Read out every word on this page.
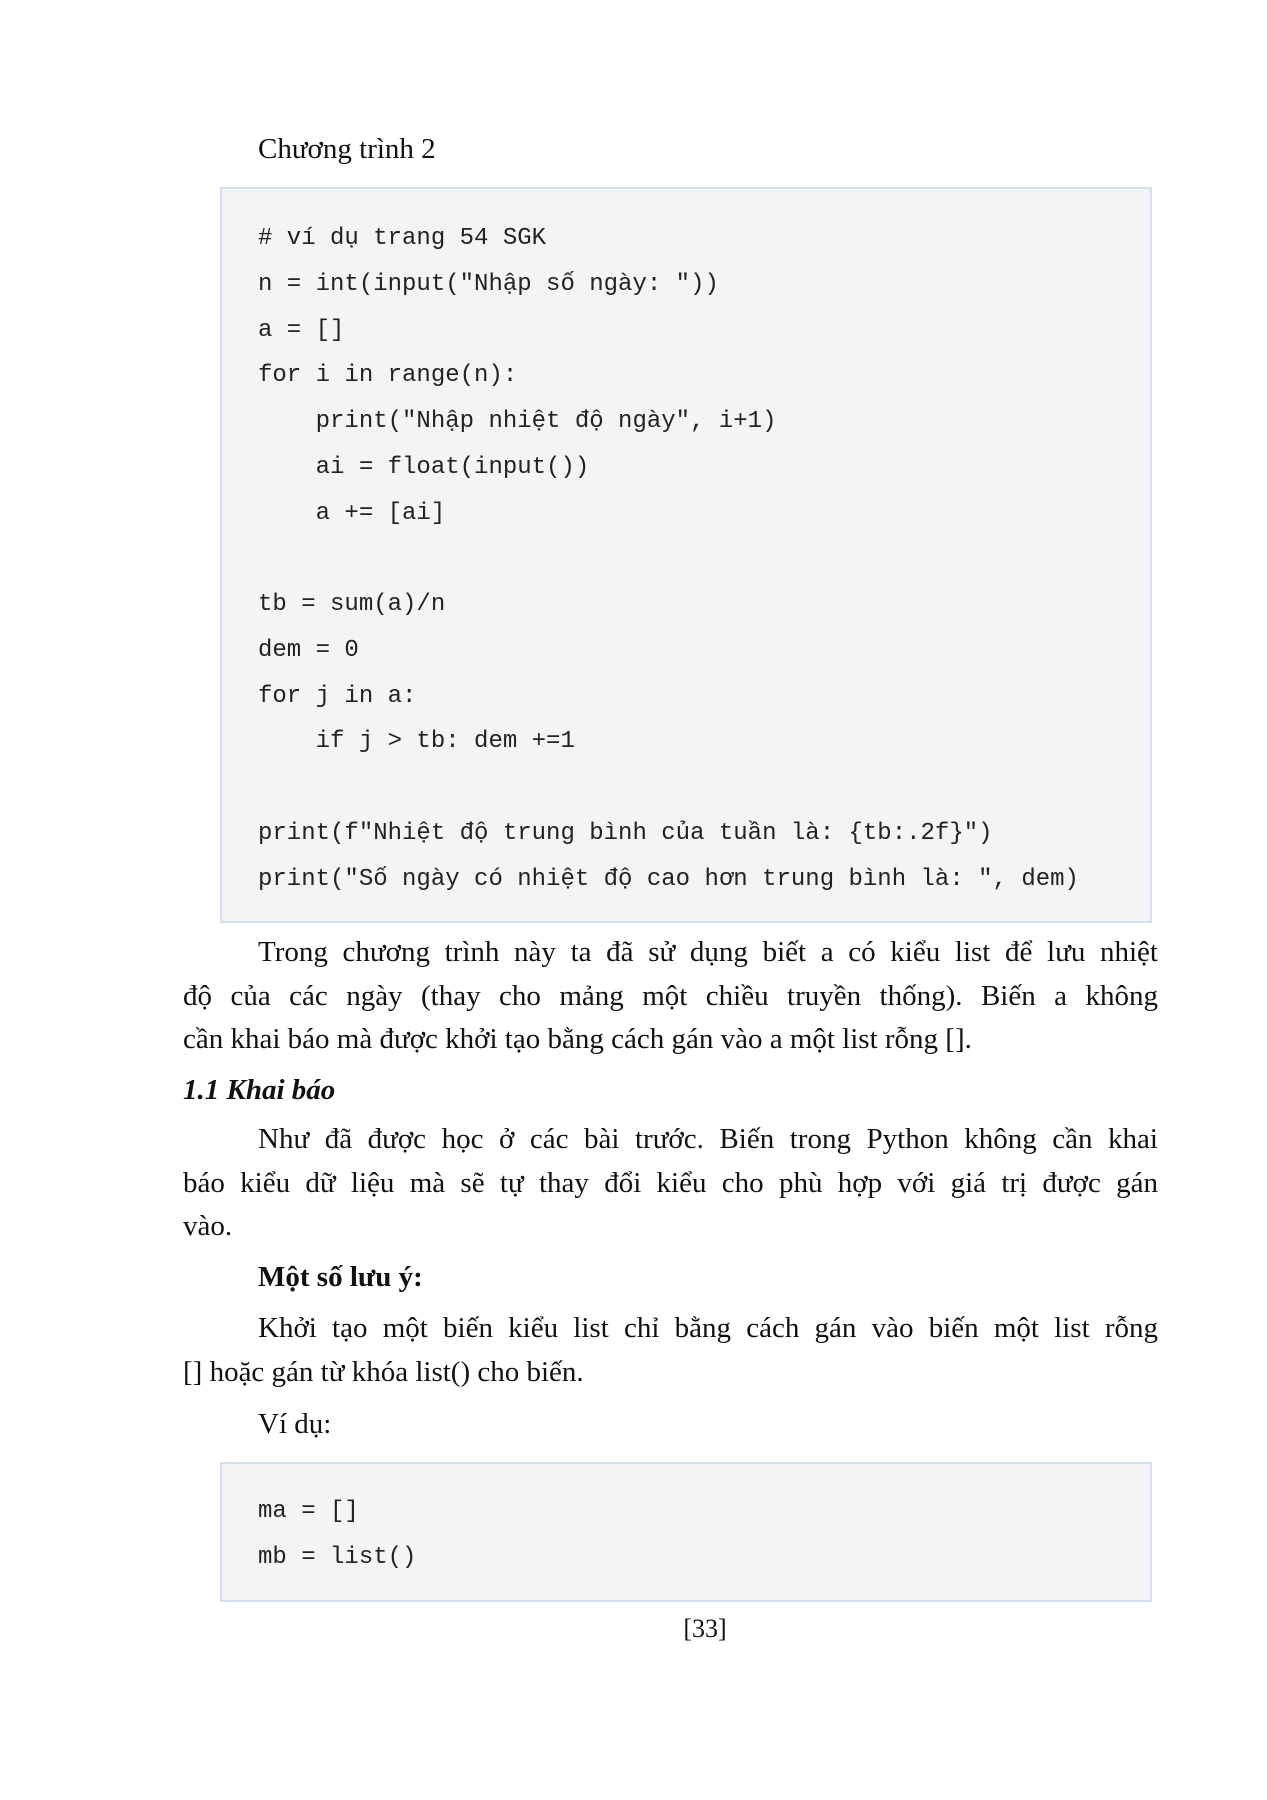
Chương trình 2
# ví dụ trang 54 SGK
n = int(input("Nhập số ngày: "))
a = []
for i in range(n):
print("Nhập nhiệt độ ngày", i+1)
ai = float(input())
a += [ai]
tb = sum(a)/n
dem = 0
for j in a:
if j > tb: dem +=1
print(f"Nhiệt độ trung bình của tuần là: {tb:.2f}")
print("Số ngày có nhiệt độ cao hơn trung bình là: ", dem)
Trong chương trình này ta đã sử dụng biết a có kiểu list để lưu nhiệt
độ của các ngày (thay cho mảng một chiều truyền thống). Biến a không
cần khai báo mà được khởi tạo bằng cách gán vào a một list rỗng [].
1.1 Khai báo
Như đã được học ở các bài trước. Biến trong Python không cần khai
báo kiểu dữ liệu mà sẽ tự thay đổi kiểu cho phù hợp với giá trị được gán
vào.
Một số lưu ý:
Khởi tạo một biến kiểu list chỉ bằng cách gán vào biến một list rỗng
[] hoặc gán từ khóa list() cho biến.
Ví dụ:
ma = []
mb = list()
[33]
